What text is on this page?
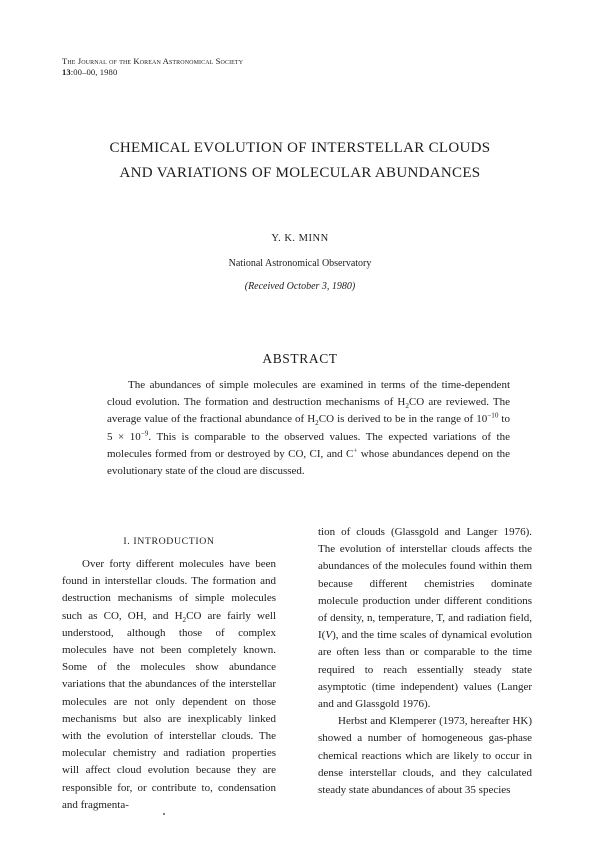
The Journal of the Korean Astronomical Society
13:00–00, 1980
CHEMICAL EVOLUTION OF INTERSTELLAR CLOUDS
AND VARIATIONS OF MOLECULAR ABUNDANCES
Y. K. MINN
National Astronomical Observatory
(Received October 3, 1980)
ABSTRACT

The abundances of simple molecules are examined in terms of the time-dependent cloud evolution. The formation and destruction mechanisms of $H_2CO$ are reviewed. The average value of the fractional abundance of $H_2CO$ is derived to be in the range of $10^{-10}$ to $5 \times 10^{-9}$. This is comparable to the observed values. The expected variations of the molecules formed from or destroyed by CO, CI, and C+ whose abundances depend on the evolutionary state of the cloud are discussed.

I. INTRODUCTION

Over forty different molecules have been found in interstellar clouds. The formation and destruction mechanisms of simple molecules such as CO, OH, and $H_2CO$ are fairly well understood, although those of complex molecules have not been completely known. Some of the molecules show abundance variations that the abundances of the interstellar molecules are not only dependent on those mechanisms but also are inexplicably linked with the evolution of interstellar clouds. The molecular chemistry and radiation properties will affect cloud evolution because they are responsible for, or contribute to, condensation and fragmenta-

tion of clouds (Glassgold and Langer 1976). The evolution of interstellar clouds affects the abundances of the molecules found within them because different chemistries dominate molecule production under different conditions of density, n, temperature, T, and radiation field, I(V), and the time scales of dynamical evolution are often less than or comparable to the time required to reach essentially steady state asymptotic (time independent) values (Langer and and Glassgold 1976).

Herbst and Klemperer (1973, hereafter HK) showed a number of homogeneous gas-phase chemical reactions which are likely to occur in dense interstellar clouds, and they calculated steady state abundances of about 35 species
